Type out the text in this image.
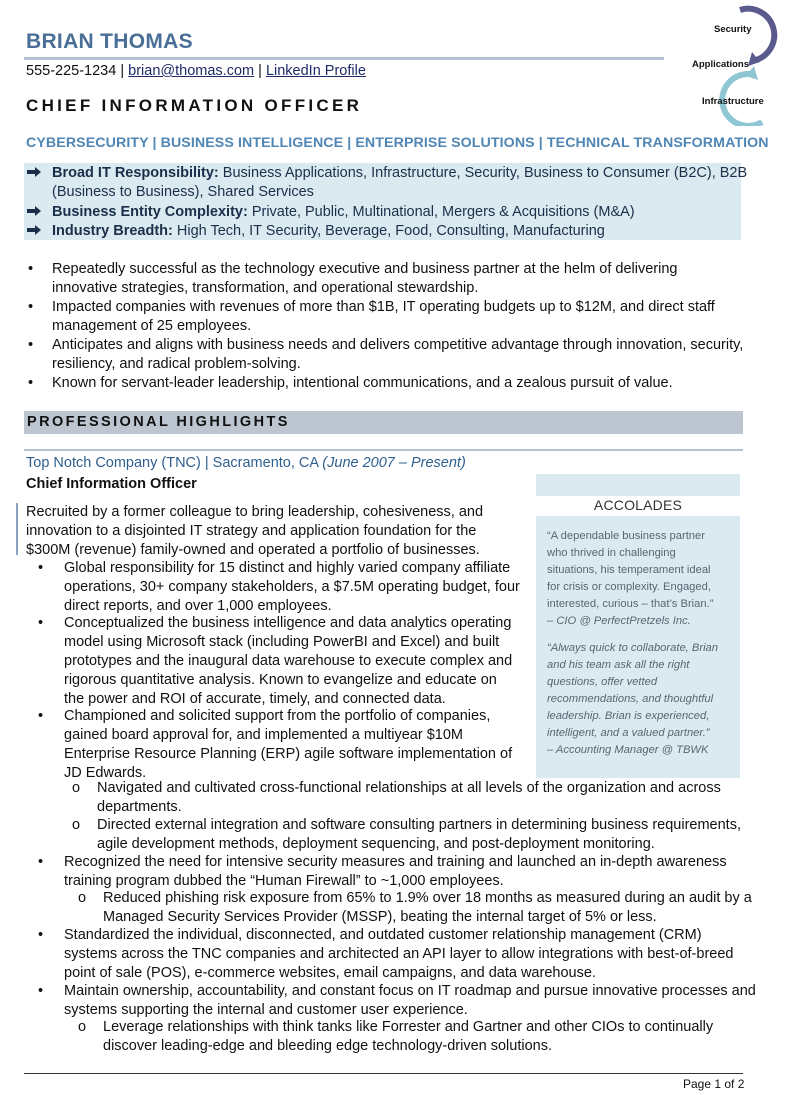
BRIAN THOMAS
555-225-1234 | brian@thomas.com | LinkedIn Profile
CHIEF INFORMATION OFFICER
Security
Applications
Infrastructure
CYBERSECURITY | BUSINESS INTELLIGENCE | ENTERPRISE SOLUTIONS | TECHNICAL TRANSFORMATION
Broad IT Responsibility: Business Applications, Infrastructure, Security, Business to Consumer (B2C), B2B
(Business to Business), Shared Services
Business Entity Complexity: Private, Public, Multinational, Mergers & Acquisitions (M&A)
Industry Breadth: High Tech, IT Security, Beverage, Food, Consulting, Manufacturing
• Repeatedly successful as the technology executive and business partner at the helm of delivering innovative strategies, transformation, and operational stewardship.
• Impacted companies with revenues of more than $1B, IT operating budgets up to $12M, and direct staff management of 25 employees.
• Anticipates and aligns with business needs and delivers competitive advantage through innovation, security, resiliency, and radical problem-solving.
• Known for servant-leader leadership, intentional communications, and a zealous pursuit of value.
PROFESSIONAL HIGHLIGHTS
Top Notch Company (TNC) | Sacramento, CA (June 2007 – Present)
Chief Information Officer
ACCOLADES
“A dependable business partner
who thrived in challenging
situations, his temperament ideal
for crisis or complexity. Engaged,
interested, curious – that’s Brian.”
– CIO @ PerfectPretzels Inc.
“Always quick to collaborate, Brian
and his team ask all the right
questions, offer vetted
recommendations, and thoughtful
leadership. Brian is experienced,
intelligent, and a valued partner.”
– Accounting Manager @ TBWK
Recruited by a former colleague to bring leadership, cohesiveness, and
innovation to a disjointed IT strategy and application foundation for the
$300M (revenue) family-owned and operated a portfolio of businesses.
• Global responsibility for 15 distinct and highly varied company affiliate
operations, 30+ company stakeholders, a $7.5M operating budget, four
direct reports, and over 1,000 employees.
• Conceptualized the business intelligence and data analytics operating
model using Microsoft stack (including PowerBI and Excel) and built
prototypes and the inaugural data warehouse to execute complex and
rigorous quantitative analysis. Known to evangelize and educate on
the power and ROI of accurate, timely, and connected data.
• Championed and solicited support from the portfolio of companies,
gained board approval for, and implemented a multiyear $10M
Enterprise Resource Planning (ERP) agile software implementation of
JD Edwards.
o Navigated and cultivated cross-functional relationships at all levels of the organization and across
departments.
o Directed external integration and software consulting partners in determining business requirements,
agile development methods, deployment sequencing, and post-deployment monitoring.
• Recognized the need for intensive security measures and training and launched an in-depth awareness
training program dubbed the “Human Firewall” to ~1,000 employees.
o Reduced phishing risk exposure from 65% to 1.9% over 18 months as measured during an audit by a
Managed Security Services Provider (MSSP), beating the internal target of 5% or less.
• Standardized the individual, disconnected, and outdated customer relationship management (CRM)
systems across the TNC companies and architected an API layer to allow integrations with best-of-breed
point of sale (POS), e-commerce websites, email campaigns, and data warehouse.
• Maintain ownership, accountability, and constant focus on IT roadmap and pursue innovative processes and
systems supporting the internal and customer user experience.
o Leverage relationships with think tanks like Forrester and Gartner and other CIOs to continually
discover leading-edge and bleeding edge technology-driven solutions.
Page 1 of 2
